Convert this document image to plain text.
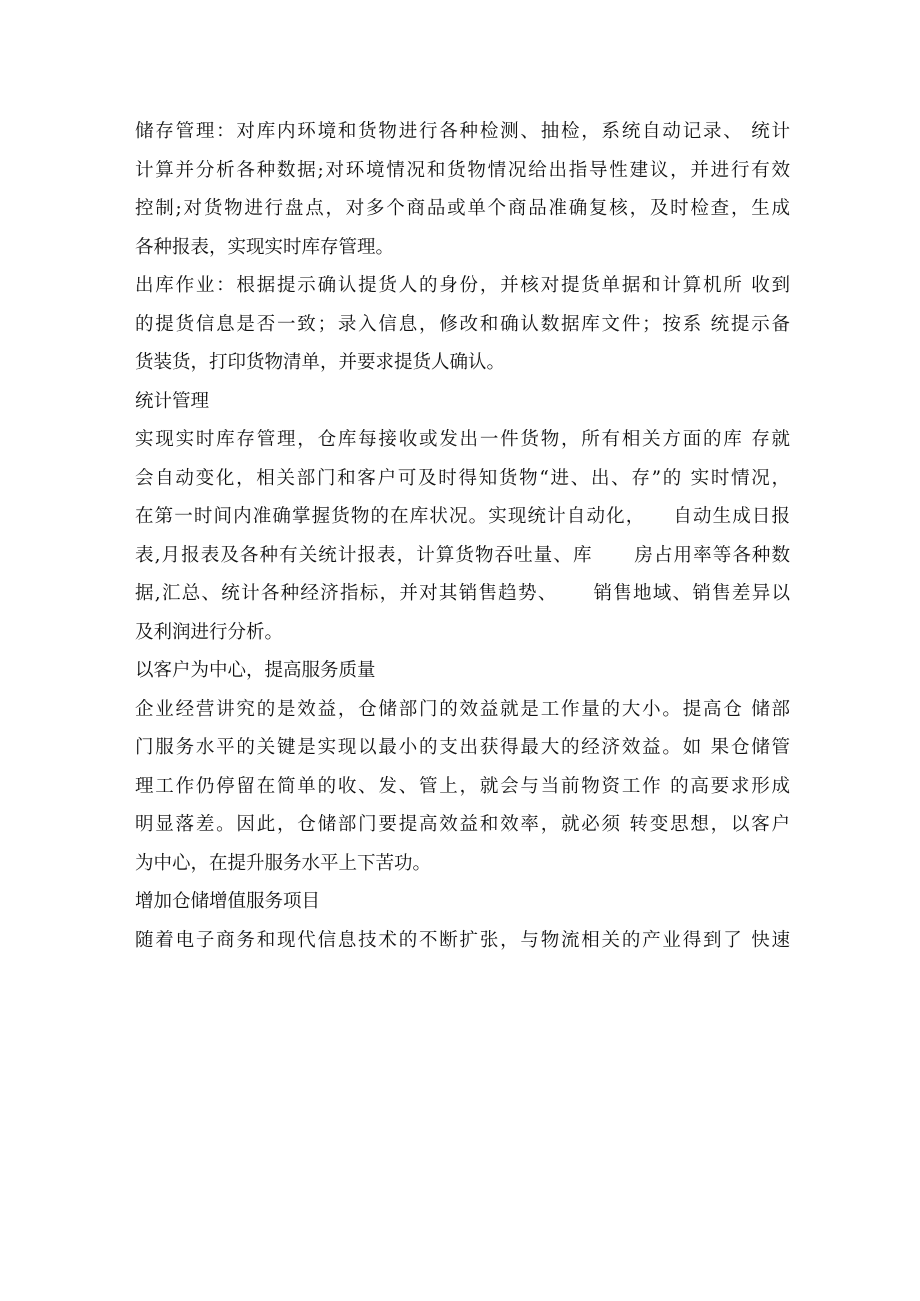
储存管理：对库内环境和货物进行各种检测、抽检，系统自动记录、 统计
计算并分析各种数据;对环境情况和货物情况给出指导性建议，并进行有效
控制;对货物进行盘点，对多个商品或单个商品准确复核，及时检查，生成
各种报表，实现实时库存管理。
出库作业：根据提示确认提货人的身份，并核对提货单据和计算机所 收到
的提货信息是否一致；录入信息，修改和确认数据库文件；按系 统提示备
货装货，打印货物清单，并要求提货人确认。
统计管理
实现实时库存管理，仓库每接收或发出一件货物，所有相关方面的库 存就
会自动变化，相关部门和客户可及时得知货物“进、出、存”的 实时情况，
在第一时间内准确掌握货物的在库状况。实现统计自动化，    自动生成日报
表,月报表及各种有关统计报表，计算货物吞吐量、库      房占用率等各种数
据,汇总、统计各种经济指标，并对其销售趋势、     销售地域、销售差异以
及利润进行分析。
以客户为中心，提高服务质量
企业经营讲究的是效益，仓储部门的效益就是工作量的大小。提高仓 储部
门服务水平的关键是实现以最小的支出获得最大的经济效益。如 果仓储管
理工作仍停留在简单的收、发、管上，就会与当前物资工作 的高要求形成
明显落差。因此，仓储部门要提高效益和效率，就必须 转变思想，以客户
为中心，在提升服务水平上下苦功。
增加仓储增值服务项目
随着电子商务和现代信息技术的不断扩张，与物流相关的产业得到了 快速
